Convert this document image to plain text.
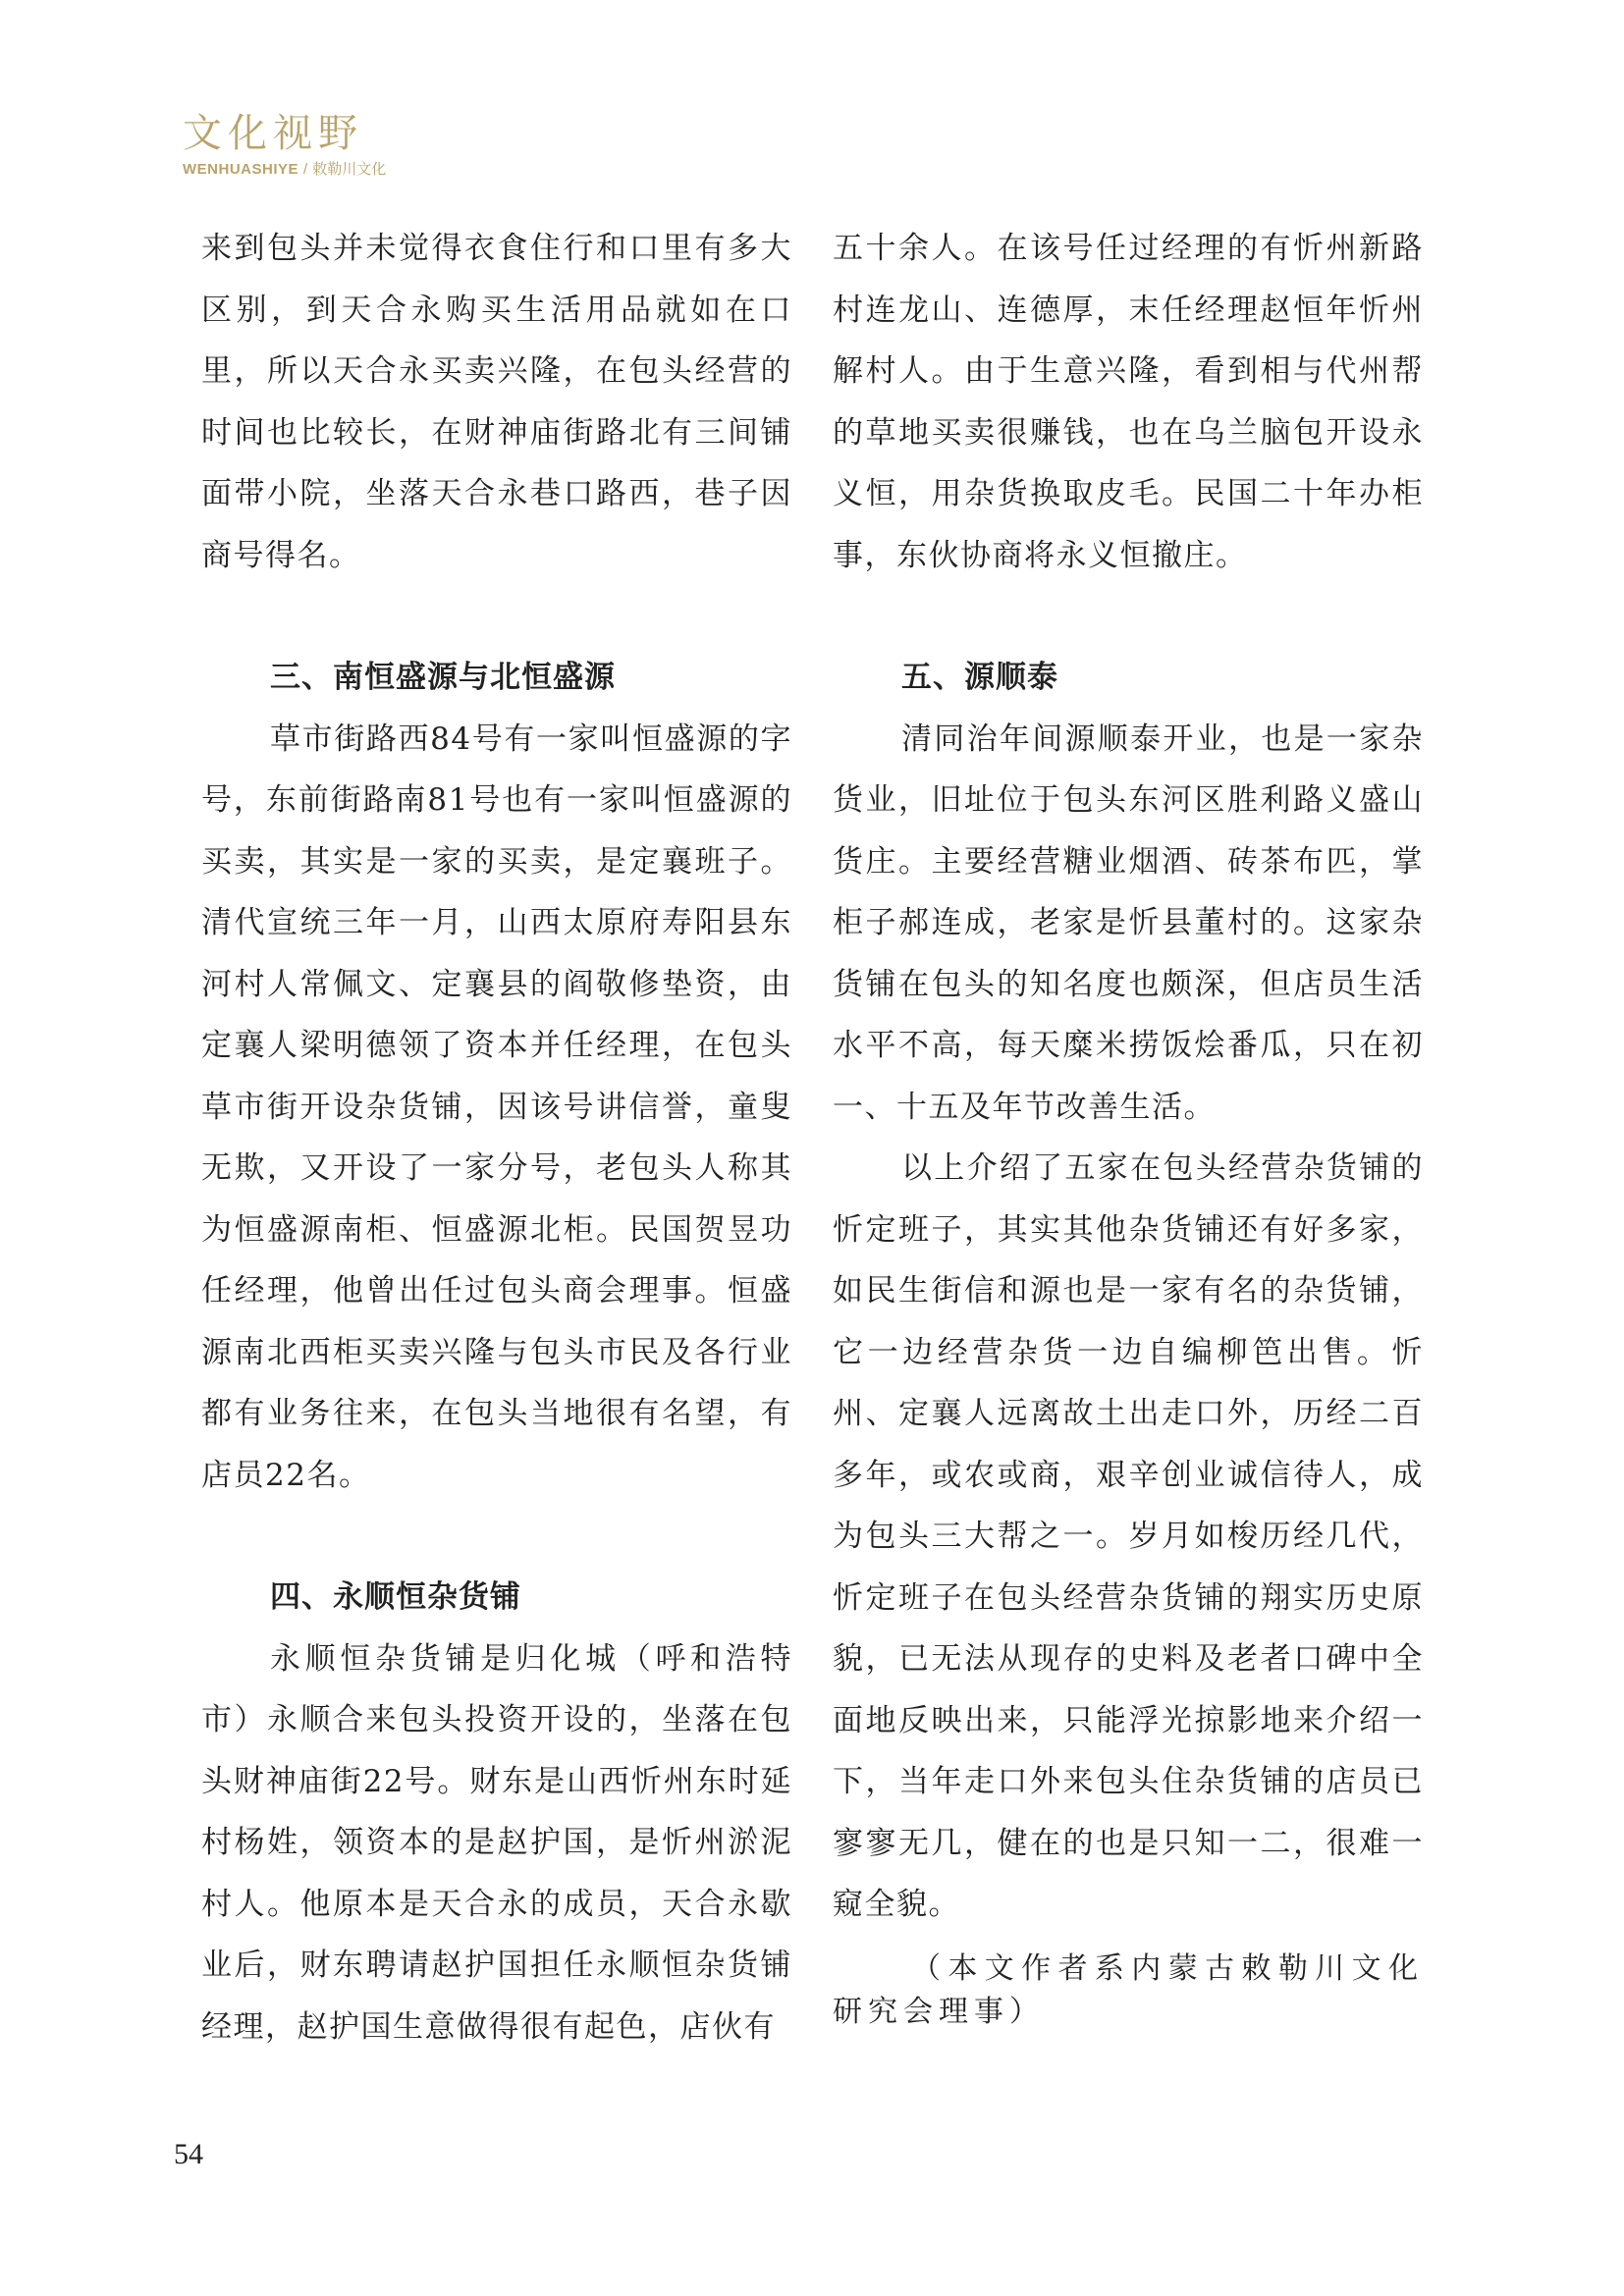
文化视野
WENHUASHIYE / 敕勒川文化

来到包头并未觉得衣食住行和口里有多大区别，到天合永购买生活用品就如在口里，所以天合永买卖兴隆，在包头经营的时间也比较长，在财神庙街路北有三间铺面带小院，坐落天合永巷口路西，巷子因商号得名。

三、南恒盛源与北恒盛源

草市街路西84号有一家叫恒盛源的字号，东前街路南81号也有一家叫恒盛源的买卖，其实是一家的买卖，是定襄班子。清代宣统三年一月，山西太原府寿阳县东河村人常佩文、定襄县的阎敬修垫资，由定襄人梁明德领了资本并任经理，在包头草市街开设杂货铺，因该号讲信誉，童叟无欺，又开设了一家分号，老包头人称其为恒盛源南柜、恒盛源北柜。民国贺昱功任经理，他曾出任过包头商会理事。恒盛源南北西柜买卖兴隆与包头市民及各行业都有业务往来，在包头当地很有名望，有店员22名。

四、永顺恒杂货铺

永顺恒杂货铺是归化城（呼和浩特市）永顺合来包头投资开设的，坐落在包头财神庙街22号。财东是山西忻州东时延村杨姓，领资本的是赵护国，是忻州淤泥村人。他原本是天合永的成员，天合永歇业后，财东聘请赵护国担任永顺恒杂货铺经理，赵护国生意做得很有起色，店伙有

五十余人。在该号任过经理的有忻州新路村连龙山、连德厚，末任经理赵恒年忻州解村人。由于生意兴隆，看到相与代州帮的草地买卖很赚钱，也在乌兰脑包开设永义恒，用杂货换取皮毛。民国二十年办柜事，东伙协商将永义恒撤庄。

五、源顺泰

清同治年间源顺泰开业，也是一家杂货业，旧址位于包头东河区胜利路义盛山货庄。主要经营糖业烟酒、砖茶布匹，掌柜子郝连成，老家是忻县董村的。这家杂货铺在包头的知名度也颇深，但店员生活水平不高，每天糜米捞饭烩番瓜，只在初一、十五及年节改善生活。

以上介绍了五家在包头经营杂货铺的忻定班子，其实其他杂货铺还有好多家，如民生街信和源也是一家有名的杂货铺，它一边经营杂货一边自编柳笆出售。忻州、定襄人远离故土出走口外，历经二百多年，或农或商，艰辛创业诚信待人，成为包头三大帮之一。岁月如梭历经几代，忻定班子在包头经营杂货铺的翔实历史原貌，已无法从现存的史料及老者口碑中全面地反映出来，只能浮光掠影地来介绍一下，当年走口外来包头住杂货铺的店员已寥寥无几，健在的也是只知一二，很难一窥全貌。

（本文作者系内蒙古敕勒川文化研究会理事）

54
